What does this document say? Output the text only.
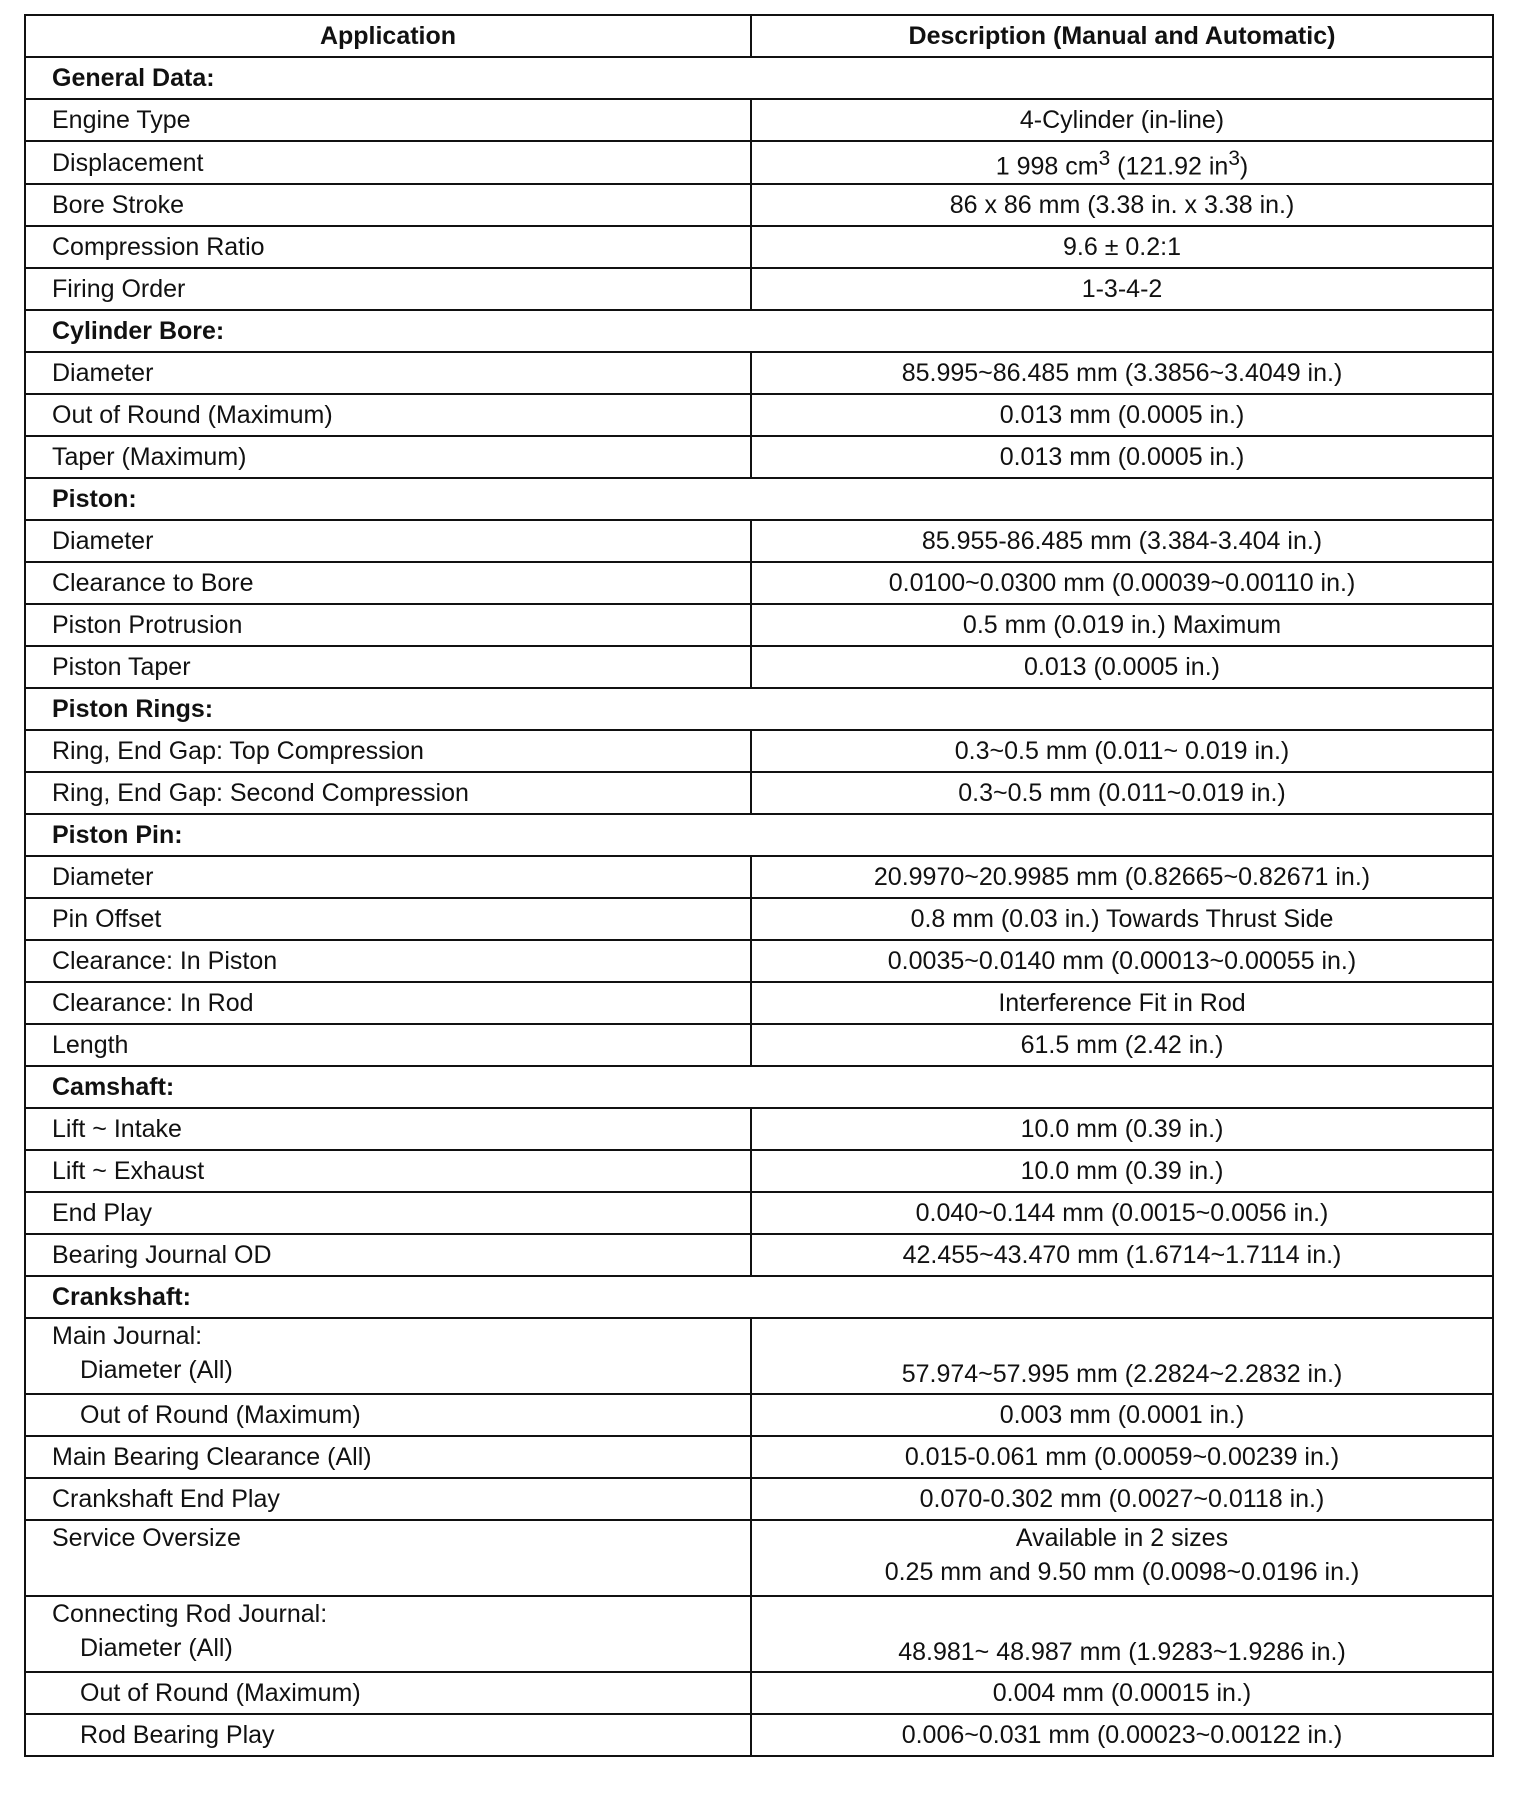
Application	Description (Manual and Automatic)
General Data:	
Engine Type	4-Cylinder (in-line)
Displacement	1 998 $cm^3$ (121.92 $in^3$)
Bore Stroke	86 x 86 mm (3.38 in. x 3.38 in.)
Compression Ratio	9.6 ± 0.2:1
Firing Order	1-3-4-2
Cylinder Bore:	
Diameter	85.995~86.485 mm (3.3856~3.4049 in.)
Out of Round (Maximum)	0.013 mm (0.0005 in.)
Taper (Maximum)	0.013 mm (0.0005 in.)
Piston:	
Diameter	85.955-86.485 mm (3.384-3.404 in.)
Clearance to Bore	0.0100~0.0300 mm (0.00039~0.00110 in.)
Piston Protrusion	0.5 mm (0.019 in.) Maximum
Piston Taper	0.013 (0.0005 in.)
Piston Rings:	
Ring, End Gap: Top Compression	0.3~0.5 mm (0.011~ 0.019 in.)
Ring, End Gap: Second Compression	0.3~0.5 mm (0.011~0.019 in.)
Piston Pin:	
Diameter	20.9970~20.9985 mm (0.82665~0.82671 in.)
Pin Offset	0.8 mm (0.03 in.) Towards Thrust Side
Clearance: In Piston	0.0035~0.0140 mm (0.00013~0.00055 in.)
Clearance: In Rod	Interference Fit in Rod
Length	61.5 mm (2.42 in.)
Camshaft:	
Lift ~ Intake	10.0 mm (0.39 in.)
Lift ~ Exhaust	10.0 mm (0.39 in.)
End Play	0.040~0.144 mm (0.0015~0.0056 in.)
Bearing Journal OD	42.455~43.470 mm (1.6714~1.7114 in.)
Crankshaft:	

Main Journal:
Diameter (All)	57.974~57.995 mm (2.2824~2.2832 in.)

Out of Round (Maximum)	0.003 mm (0.0001 in.)
Main Bearing Clearance (All)	0.015-0.061 mm (0.00059~0.00239 in.)
Crankshaft End Play	0.070-0.302 mm (0.0027~0.0118 in.)
Service Oversize	Available in 2 sizes
0.25 mm and 9.50 mm (0.0098~0.0196 in.)

Connecting Rod Journal:
Diameter (All)	48.981~ 48.987 mm (1.9283~1.9286 in.)

Out of Round (Maximum)	0.004 mm (0.00015 in.)

Rod Bearing Play	0.006~0.031 mm (0.00023~0.00122 in.)
